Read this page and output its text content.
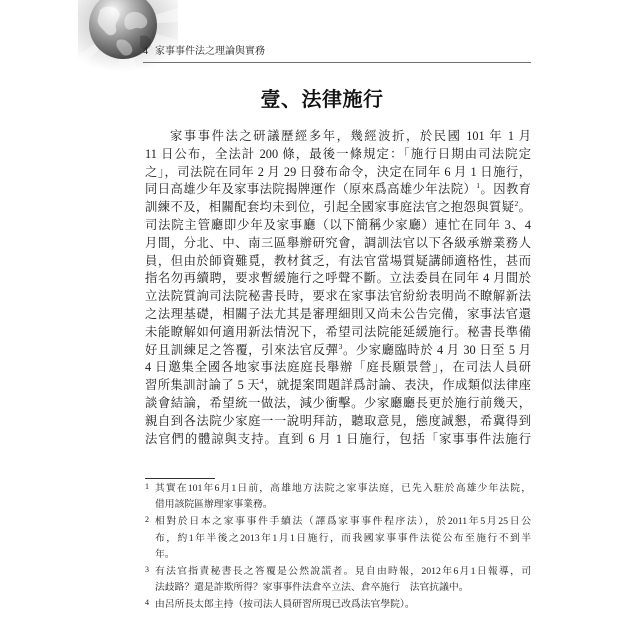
4 家事事件法之理論與實務
壹、法律施行
家事事件法之研議歷經多年，幾經波折，於民國 101 年 1 月
11 日公布，全法計 200 條，最後一條規定：「施行日期由司法院定
之」，司法院在同年 2 月 29 日發布命令，決定在同年 6 月 1 日施行，
同日高雄少年及家事法院揭牌運作（原來爲高雄少年法院）$^1$。因教育
訓練不及，相關配套均未到位，引起全國家事庭法官之抱怨與質疑$^2$。
司法院主管廳即少年及家事廳（以下簡稱少家廳）連忙在同年 3、4
月間，分北、中、南三區舉辦研究會，調訓法官以下各級承辦業務人
員，但由於師資難覓，教材貧乏，有法官當場質疑講師適格性，甚而
指名勿再續聘，要求暫緩施行之呼聲不斷。立法委員在同年 4 月間於
立法院質詢司法院秘書長時，要求在家事法官紛紛表明尚不瞭解新法
之法理基礎，相關子法尤其是審理細則又尚未公告完備，家事法官還
未能瞭解如何適用新法情況下，希望司法院能延緩施行。秘書長準備
好且訓練足之答覆，引來法官反彈$^3$。少家廳臨時於 4 月 30 日至 5 月
4 日邀集全國各地家事法庭庭長舉辦「庭長願景營」，在司法人員研
習所集訓討論了 5 天$^4$，就提案問題詳爲討論、表決，作成類似法律座
談會結論，希望統一做法，減少衝擊。少家廳廳長更於施行前幾天，
親自到各法院少家庭一一說明拜訪，聽取意見，態度誠懇，希冀得到
法官們的體諒與支持。直到 6 月 1 日施行，包括「家事事件法施行
1 其實在101年6月1日前，高雄地方法院之家事法庭，已先入駐於高雄少年法院，
借用該院區辦理家事業務。
2 相對於日本之家事事件手續法（譯爲家事事件程序法），於2011年5月25日公
布，約1年半後之2013年1月1日施行，而我國家事事件法從公布至施行不到半
年。
3 有法官指責秘書長之答覆是公然說謊者。見自由時報，2012年6月1日報導，司
法歧路？還是詐欺所得？家事事件法倉卒立法、倉卒施行　法官抗議中。
4 由呂所長太郎主持（按司法人員研習所現已改爲法官學院）。
